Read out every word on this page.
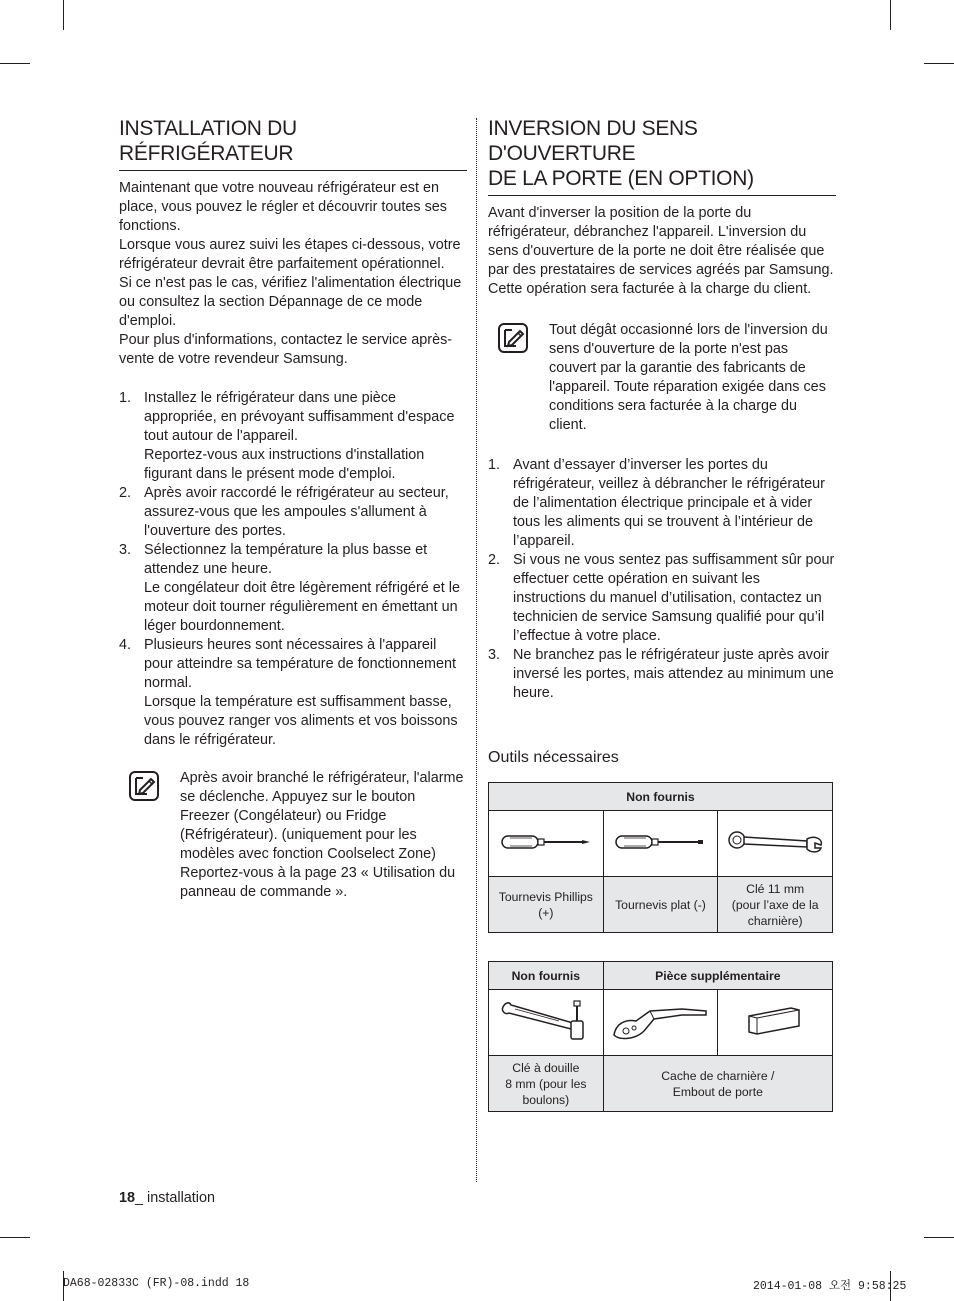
INSTALLATION DU
RÉFRIGÉRATEUR

Maintenant que votre nouveau réfrigérateur est en place, vous pouvez le régler et découvrir toutes ses fonctions.

Lorsque vous aurez suivi les étapes ci-dessous, votre réfrigérateur devrait être parfaitement opérationnel.

Si ce n'est pas le cas, vérifiez l'alimentation électrique ou consultez la section Dépannage de ce mode d'emploi.

Pour plus d'informations, contactez le service après-vente de votre revendeur Samsung.

1. Installez le réfrigérateur dans une pièce appropriée, en prévoyant suffisamment d'espace tout autour de l'appareil.
Reportez-vous aux instructions d'installation figurant dans le présent mode d'emploi.
2. Après avoir raccordé le réfrigérateur au secteur, assurez-vous que les ampoules s'allument à l'ouverture des portes.
3. Sélectionnez la température la plus basse et attendez une heure.
Le congélateur doit être légèrement réfrigéré et le moteur doit tourner régulièrement en émettant un léger bourdonnement.
4. Plusieurs heures sont nécessaires à l'appareil pour atteindre sa température de fonctionnement normal.
Lorsque la température est suffisamment basse, vous pouvez ranger vos aliments et vos boissons dans le réfrigérateur.
Après avoir branché le réfrigérateur, l'alarme se déclenche. Appuyez sur le bouton Freezer (Congélateur) ou Fridge (Réfrigérateur). (uniquement pour les modèles avec fonction Coolselect Zone) Reportez-vous à la page 23 « Utilisation du panneau de commande ».
INVERSION DU SENS D'OUVERTURE
DE LA PORTE (EN OPTION)

Avant d'inverser la position de la porte du réfrigérateur, débranchez l'appareil. L'inversion du sens d'ouverture de la porte ne doit être réalisée que par des prestataires de services agréés par Samsung. Cette opération sera facturée à la charge du client.

Tout dégât occasionné lors de l'inversion du sens d'ouverture de la porte n'est pas couvert par la garantie des fabricants de l'appareil. Toute réparation exigée dans ces conditions sera facturée à la charge du client.
1. Avant d’essayer d’inverser les portes du réfrigérateur, veillez à débrancher le réfrigérateur de l’alimentation électrique principale et à vider tous les aliments qui se trouvent à l’intérieur de l’appareil.
2. Si vous ne vous sentez pas suffisamment sûr pour effectuer cette opération en suivant les instructions du manuel d’utilisation, contactez un technicien de service Samsung qualifié pour qu’il l’effectue à votre place.
3. Ne branchez pas le réfrigérateur juste après avoir inversé les portes, mais attendez au minimum une heure.
Outils nécessaires
Non fournis		

Tournevis Phillips
(+)	Tournevis plat (-)	Clé 11 mm
(pour l’axe de la
charnière)
Non fournis	Pièce supplémentaire	

Clé à douille
8 mm (pour les
boulons)	Cache de charnière /
Embout de porte	
18_ installation
DA68-02833C (FR)-08.indd 18	2014-01-08 오전 9:58:25
